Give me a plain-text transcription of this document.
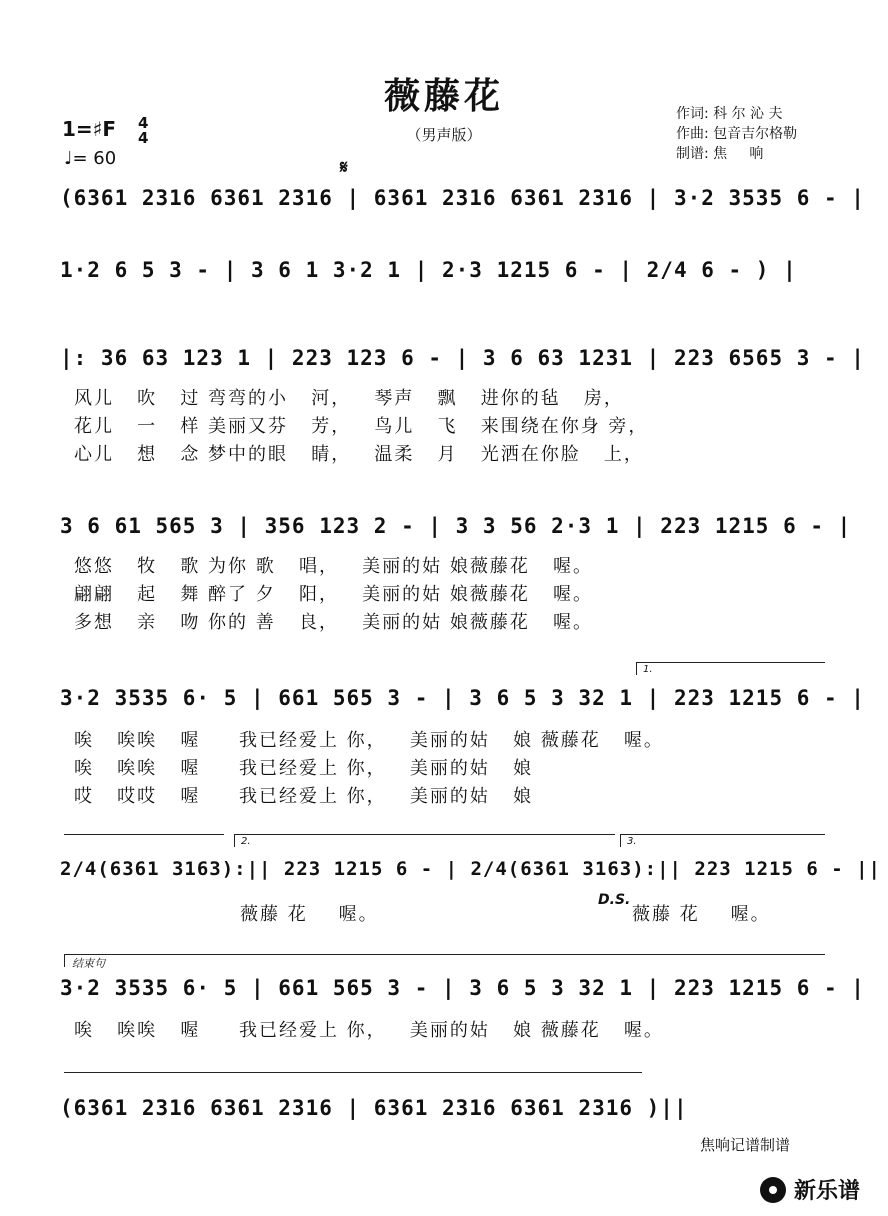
薇藤花
（男声版）
作词: 科 尔 沁 夫
作曲: 包音吉尔格勒
制谱: 焦     响
1=♯F 4
4
♩= 60	𝄋
(6361 2316 6361 2316 | 6361 2316 6361 2316 | 3·2 3535 6 - |
1·2 6 5 3 - | 3 6 1 3·2 1 | 2·3 1215 6 - | 2/4 6 - ) |
|: 36 63 123 1 | 223 123 6 - | 3 6 63 1231 | 223 6565 3 - |
风儿   吹   过 弯弯的小   河，   琴声   飘   进你的毡   房，
花儿   一   样 美丽又芬   芳，   鸟儿   飞   来围绕在你身 旁，
心儿   想   念 梦中的眼   睛，   温柔   月   光洒在你脸   上，
3 6 61 565 3 | 356 123 2 - | 3 3 56 2·3 1 | 223 1215 6 - |
悠悠   牧   歌 为你 歌   唱，   美丽的姑 娘薇藤花   喔。
翩翩   起   舞 醉了 夕   阳，   美丽的姑 娘薇藤花   喔。
多想   亲   吻 你的 善   良，   美丽的姑 娘薇藤花   喔。
1.
3·2 3535 6· 5 | 661 565 3 - | 3 6 5 3 32 1 | 223 1215 6 - |
唉   唉唉   喔     我已经爱上 你，   美丽的姑   娘 薇藤花   喔。
唉   唉唉   喔     我已经爱上 你，   美丽的姑   娘
哎   哎哎   喔     我已经爱上 你，   美丽的姑   娘
2.	3.
2/4(6361 3163):|| 223 1215 6 - | 2/4(6361 3163):|| 223 1215 6 - ||
薇藤 花    喔。
D.S.
薇藤 花    喔。
结束句
3·2 3535 6· 5 | 661 565 3 - | 3 6 5 3 32 1 | 223 1215 6 - |
唉   唉唉   喔     我已经爱上 你，   美丽的姑   娘 薇藤花   喔。
(6361 2316 6361 2316 | 6361 2316 6361 2316 )||
焦响记谱制谱
新乐谱
